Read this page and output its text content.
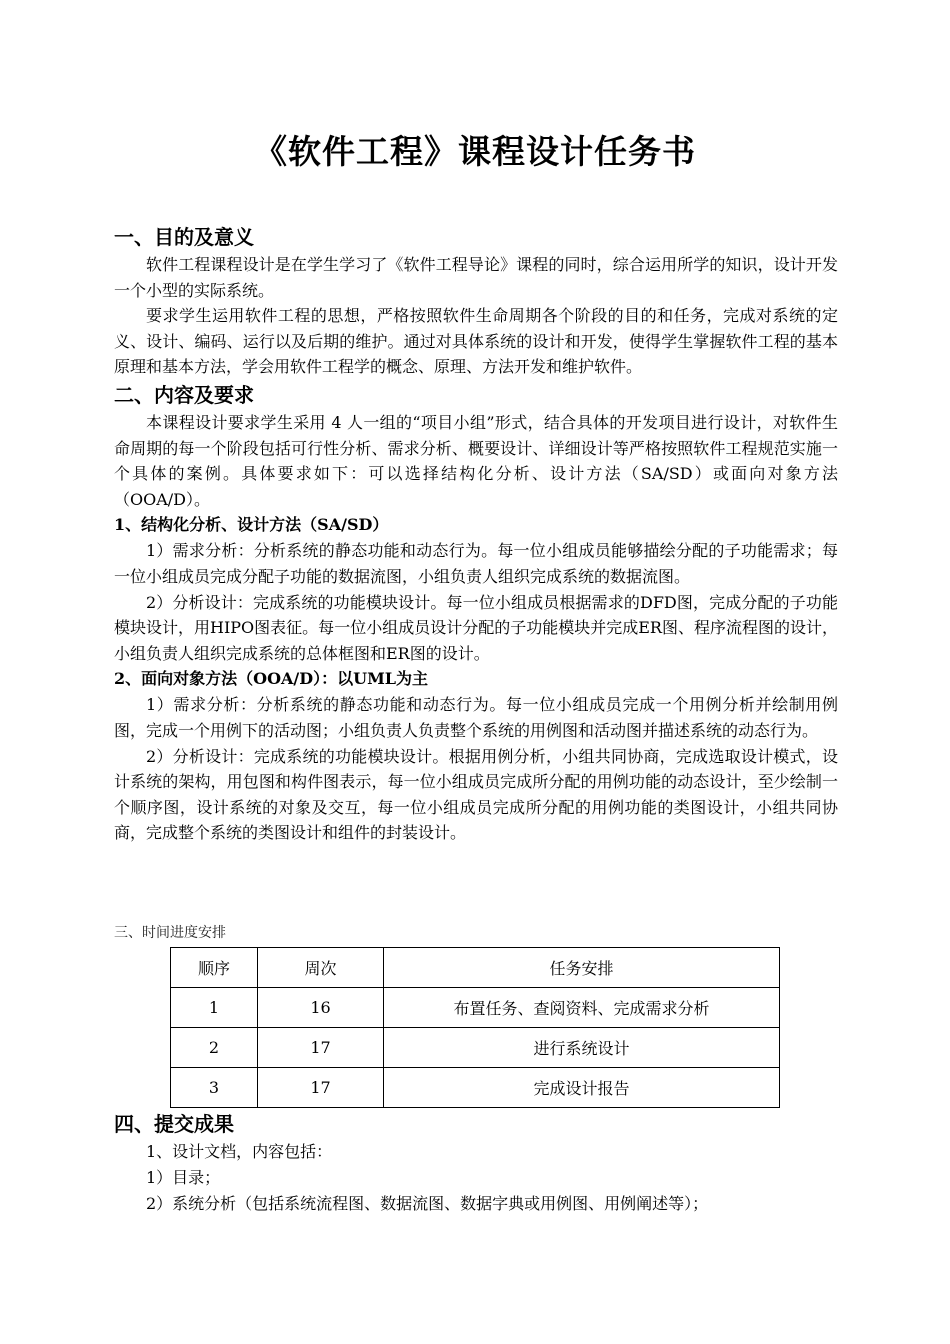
《软件工程》课程设计任务书
一、目的及意义

软件工程课程设计是在学生学习了《软件工程导论》课程的同时，综合运用所学的知识，设计开发一个小型的实际系统。

要求学生运用软件工程的思想，严格按照软件生命周期各个阶段的目的和任务，完成对系统的定义、设计、编码、运行以及后期的维护。通过对具体系统的设计和开发，使得学生掌握软件工程的基本原理和基本方法，学会用软件工程学的概念、原理、方法开发和维护软件。

二、内容及要求

本课程设计要求学生采用 4 人一组的“项目小组”形式，结合具体的开发项目进行设计，对软件生命周期的每一个阶段包括可行性分析、需求分析、概要设计、详细设计等严格按照软件工程规范实施一个具体的案例。具体要求如下：可以选择结构化分析、设计方法（SA/SD）或面向对象方法（OOA/D）。

1、结构化分析、设计方法（SA/SD）

1）需求分析：分析系统的静态功能和动态行为。每一位小组成员能够描绘分配的子功能需求；每一位小组成员完成分配子功能的数据流图，小组负责人组织完成系统的数据流图。

2）分析设计：完成系统的功能模块设计。每一位小组成员根据需求的DFD图，完成分配的子功能模块设计，用HIPO图表征。每一位小组成员设计分配的子功能模块并完成ER图、程序流程图的设计，小组负责人组织完成系统的总体框图和ER图的设计。

2、面向对象方法（OOA/D）：以UML为主

1）需求分析：分析系统的静态功能和动态行为。每一位小组成员完成一个用例分析并绘制用例图，完成一个用例下的活动图；小组负责人负责整个系统的用例图和活动图并描述系统的动态行为。

2）分析设计：完成系统的功能模块设计。根据用例分析，小组共同协商，完成选取设计模式，设计系统的架构，用包图和构件图表示，每一位小组成员完成所分配的用例功能的动态设计，至少绘制一个顺序图，设计系统的对象及交互，每一位小组成员完成所分配的用例功能的类图设计，小组共同协商，完成整个系统的类图设计和组件的封装设计。

三、时间进度安排
顺序	周次	任务安排
1	16	布置任务、查阅资料、完成需求分析
2	17	进行系统设计
3	17	完成设计报告
四、提交成果
1、设计文档，内容包括：
1）目录；
2）系统分析（包括系统流程图、数据流图、数据字典或用例图、用例阐述等）；
